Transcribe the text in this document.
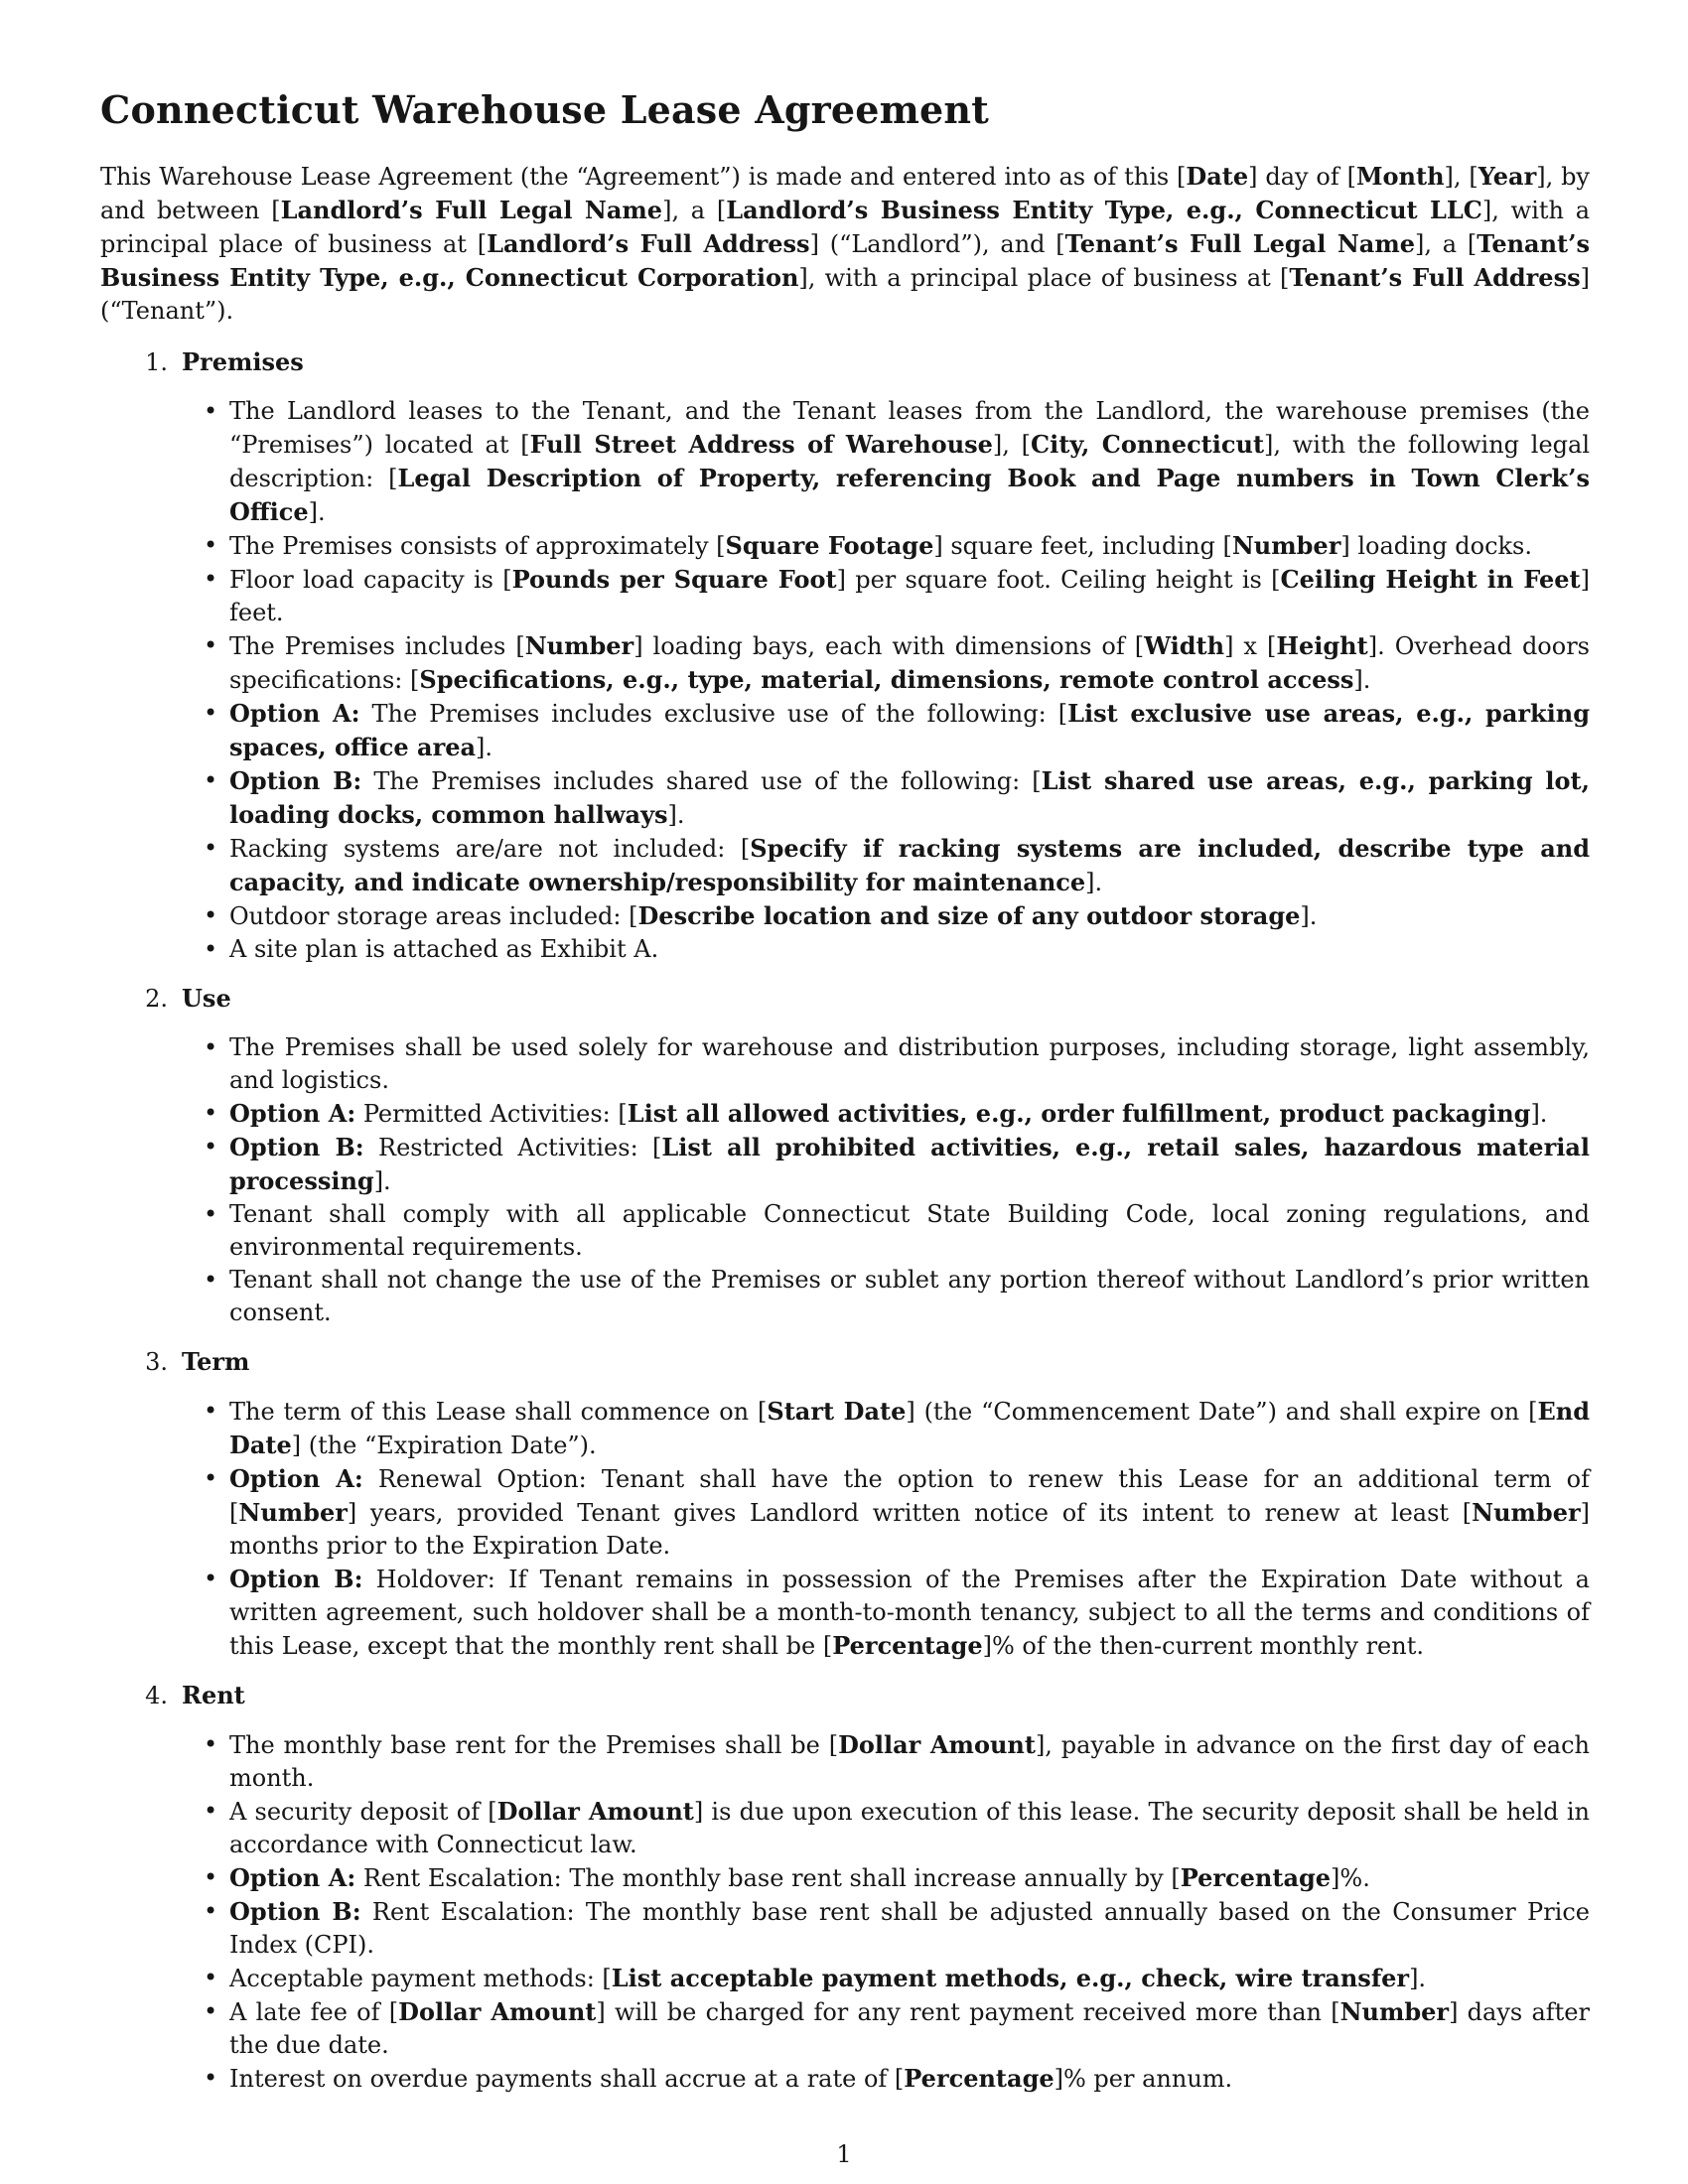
Connecticut Warehouse Lease Agreement

This Warehouse Lease Agreement (the “Agreement”) is made and entered into as of this [Date] day of [Month], [Year], by and between [Landlord’s Full Legal Name], a [Landlord’s Business Entity Type, e.g., Connecticut LLC], with a principal place of business at [Landlord’s Full Address] (“Landlord”), and [Tenant’s Full Legal Name], a [Tenant’s Business Entity Type, e.g., Connecticut Corporation], with a principal place of business at [Tenant’s Full Address] (“Tenant”).

1. Premises
• The Landlord leases to the Tenant, and the Tenant leases from the Landlord, the warehouse premises (the “Premises”) located at [Full Street Address of Warehouse], [City, Connecticut], with the following legal description: [Legal Description of Property, referencing Book and Page numbers in Town Clerk’s Office].
• The Premises consists of approximately [Square Footage] square feet, including [Number] loading docks.
• Floor load capacity is [Pounds per Square Foot] per square foot. Ceiling height is [Ceiling Height in Feet] feet.
• The Premises includes [Number] loading bays, each with dimensions of [Width] x [Height]. Overhead doors specifications: [Specifications, e.g., type, material, dimensions, remote control access].
• Option A: The Premises includes exclusive use of the following: [List exclusive use areas, e.g., parking spaces, office area].
• Option B: The Premises includes shared use of the following: [List shared use areas, e.g., parking lot, loading docks, common hallways].
• Racking systems are/are not included: [Specify if racking systems are included, describe type and capacity, and indicate ownership/responsibility for maintenance].
• Outdoor storage areas included: [Describe location and size of any outdoor storage].
• A site plan is attached as Exhibit A.
2. Use
• The Premises shall be used solely for warehouse and distribution purposes, including storage, light assembly, and logistics.
• Option A: Permitted Activities: [List all allowed activities, e.g., order fulfillment, product packaging].
• Option B: Restricted Activities: [List all prohibited activities, e.g., retail sales, hazardous material processing].
• Tenant shall comply with all applicable Connecticut State Building Code, local zoning regulations, and environmental requirements.
• Tenant shall not change the use of the Premises or sublet any portion thereof without Landlord’s prior written consent.
3. Term
• The term of this Lease shall commence on [Start Date] (the “Commencement Date”) and shall expire on [End Date] (the “Expiration Date”).
• Option A: Renewal Option: Tenant shall have the option to renew this Lease for an additional term of [Number] years, provided Tenant gives Landlord written notice of its intent to renew at least [Number] months prior to the Expiration Date.
• Option B: Holdover: If Tenant remains in possession of the Premises after the Expiration Date without a written agreement, such holdover shall be a month-to-month tenancy, subject to all the terms and conditions of this Lease, except that the monthly rent shall be [Percentage]% of the then-current monthly rent.
4. Rent
• The monthly base rent for the Premises shall be [Dollar Amount], payable in advance on the first day of each month.
• A security deposit of [Dollar Amount] is due upon execution of this lease. The security deposit shall be held in accordance with Connecticut law.
• Option A: Rent Escalation: The monthly base rent shall increase annually by [Percentage]%.
• Option B: Rent Escalation: The monthly base rent shall be adjusted annually based on the Consumer Price Index (CPI).
• Acceptable payment methods: [List acceptable payment methods, e.g., check, wire transfer].
• A late fee of [Dollar Amount] will be charged for any rent payment received more than [Number] days after the due date.
• Interest on overdue payments shall accrue at a rate of [Percentage]% per annum.
1
